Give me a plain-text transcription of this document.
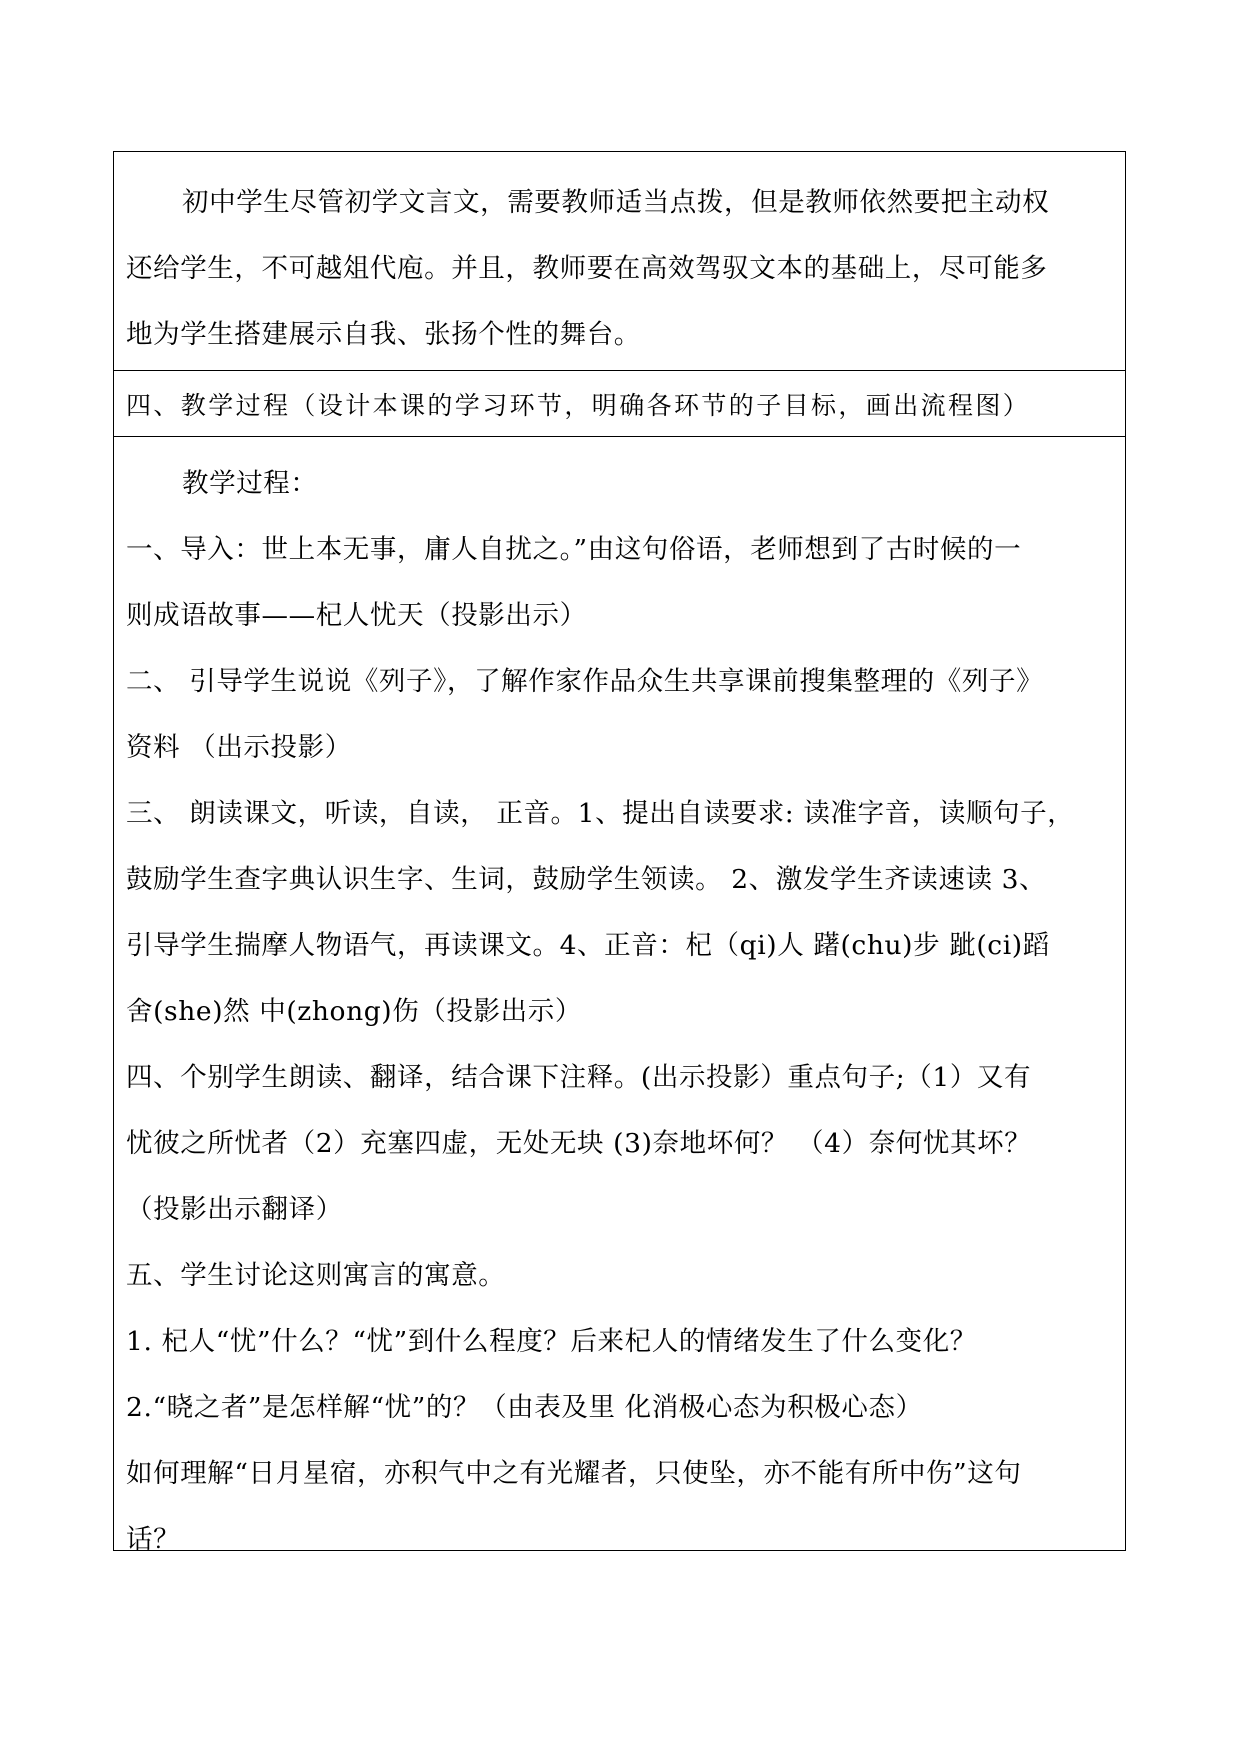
初中学生尽管初学文言文，需要教师适当点拨，但是教师依然要把主动权
还给学生，不可越俎代庖。并且，教师要在高效驾驭文本的基础上，尽可能多
地为学生搭建展示自我、张扬个性的舞台。
四、教学过程（设计本课的学习环节，明确各环节的子目标，画出流程图）
教学过程：
一、导入：世上本无事，庸人自扰之。”由这句俗语，老师想到了古时候的一
则成语故事——杞人忧天（投影出示）
二、 引导学生说说《列子》，了解作家作品众生共享课前搜集整理的《列子》
资料 （出示投影）
三、 朗读课文，听读，自读， 正音。1、提出自读要求: 读准字音，读顺句子，
鼓励学生查字典认识生字、生词，鼓励学生领读。 2、激发学生齐读速读 3、
引导学生揣摩人物语气，再读课文。4、正音：杞（qi)人 躇(chu)步 跐(ci)蹈
舍(she)然 中(zhong)伤（投影出示）
四、个别学生朗读、翻译，结合课下注释。(出示投影）重点句子;（1）又有
忧彼之所忧者（2）充塞四虚，无处无块 (3)奈地坏何？ （4）奈何忧其坏？
（投影出示翻译）
五、学生讨论这则寓言的寓意。
1. 杞人“忧”什么？“忧”到什么程度？后来杞人的情绪发生了什么变化？
2.“晓之者”是怎样解“忧”的？（由表及里 化消极心态为积极心态）
如何理解“日月星宿，亦积气中之有光耀者，只使坠，亦不能有所中伤”这句
话？
